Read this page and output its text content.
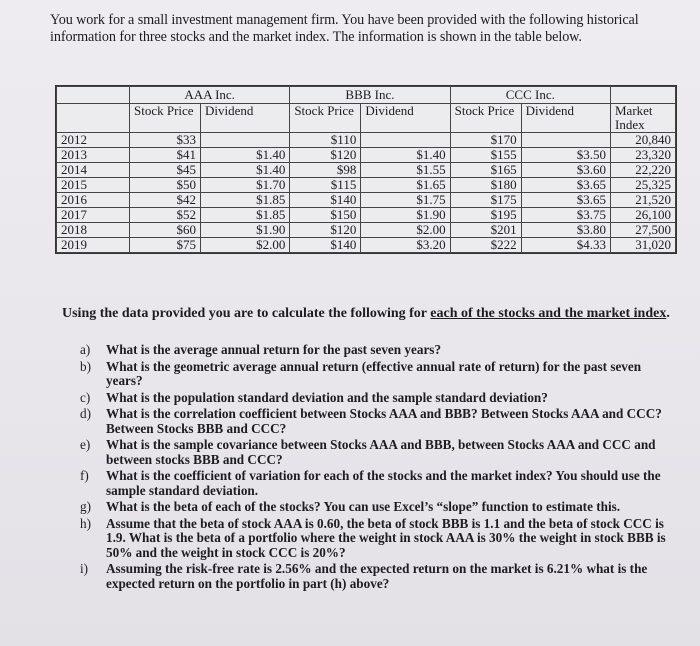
You work for a small investment management firm. You have been provided with the following historical information for three stocks and the market index. The information is shown in the table below.

	AAA Inc.		BBB Inc.		CCC Inc.		
	Stock Price	Dividend	Stock Price	Dividend	Stock Price	Dividend	Market Index
2012	$33		$110		$170		20,840
2013	$41	$1.40	$120	$1.40	$155	$3.50	23,320
2014	$45	$1.40	$98	$1.55	$165	$3.60	22,220
2015	$50	$1.70	$115	$1.65	$180	$3.65	25,325
2016	$42	$1.85	$140	$1.75	$175	$3.65	21,520
2017	$52	$1.85	$150	$1.90	$195	$3.75	26,100
2018	$60	$1.90	$120	$2.00	$201	$3.80	27,500
2019	$75	$2.00	$140	$3.20	$222	$4.33	31,020
Using the data provided you are to calculate the following for each of the stocks and the market index.
a) What is the average annual return for the past seven years?
b) What is the geometric average annual return (effective annual rate of return) for the past seven years?
c) What is the population standard deviation and the sample standard deviation?
d) What is the correlation coefficient between Stocks AAA and BBB? Between Stocks AAA and CCC? Between Stocks BBB and CCC?
e) What is the sample covariance between Stocks AAA and BBB, between Stocks AAA and CCC and between stocks BBB and CCC?
f) What is the coefficient of variation for each of the stocks and the market index? You should use the sample standard deviation.
g) What is the beta of each of the stocks? You can use Excel’s “slope” function to estimate this.
h) Assume that the beta of stock AAA is 0.60, the beta of stock BBB is 1.1 and the beta of stock CCC is 1.9. What is the beta of a portfolio where the weight in stock AAA is 30% the weight in stock BBB is 50% and the weight in stock CCC is 20%?
i) Assuming the risk-free rate is 2.56% and the expected return on the market is 6.21% what is the expected return on the portfolio in part (h) above?
